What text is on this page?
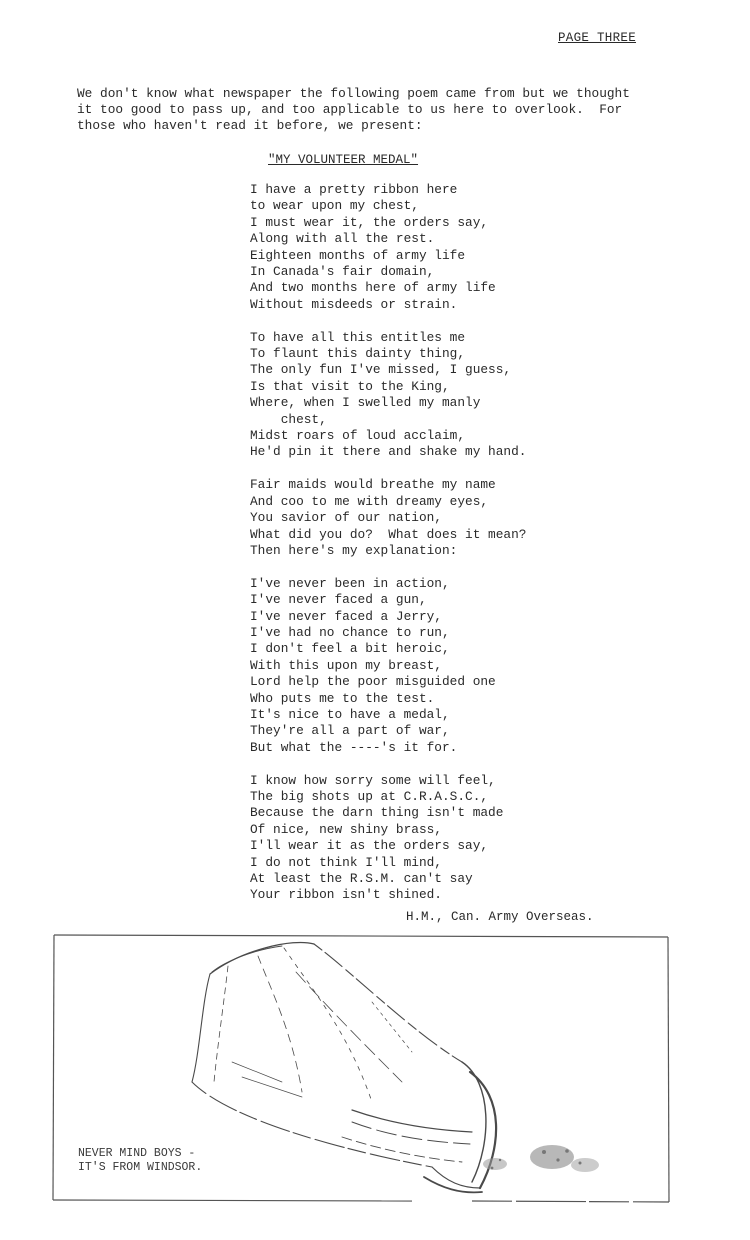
PAGE THREE
We don't know what newspaper the following poem came from but we thought
it too good to pass up, and too applicable to us here to overlook.  For
those who haven't read it before, we present:
"MY VOLUNTEER MEDAL"
I have a pretty ribbon here
to wear upon my chest,
I must wear it, the orders say,
Along with all the rest.
Eighteen months of army life
In Canada's fair domain,
And two months here of army life
Without misdeeds or strain.
To have all this entitles me
To flaunt this dainty thing,
The only fun I've missed, I guess,
Is that visit to the King,
Where, when I swelled my manly
chest,
Midst roars of loud acclaim,
He'd pin it there and shake my hand.
Fair maids would breathe my name
And coo to me with dreamy eyes,
You savior of our nation,
What did you do?  What does it mean?
Then here's my explanation:
I've never been in action,
I've never faced a gun,
I've never faced a Jerry,
I've had no chance to run,
I don't feel a bit heroic,
With this upon my breast,
Lord help the poor misguided one
Who puts me to the test.
It's nice to have a medal,
They're all a part of war,
But what the ----'s it for.
I know how sorry some will feel,
The big shots up at C.R.A.S.C.,
Because the darn thing isn't made
Of nice, new shiny brass,
I'll wear it as the orders say,
I do not think I'll mind,
At least the R.S.M. can't say
Your ribbon isn't shined.
H.M., Can. Army Overseas.
NEVER MIND BOYS -
IT'S FROM WINDSOR.
